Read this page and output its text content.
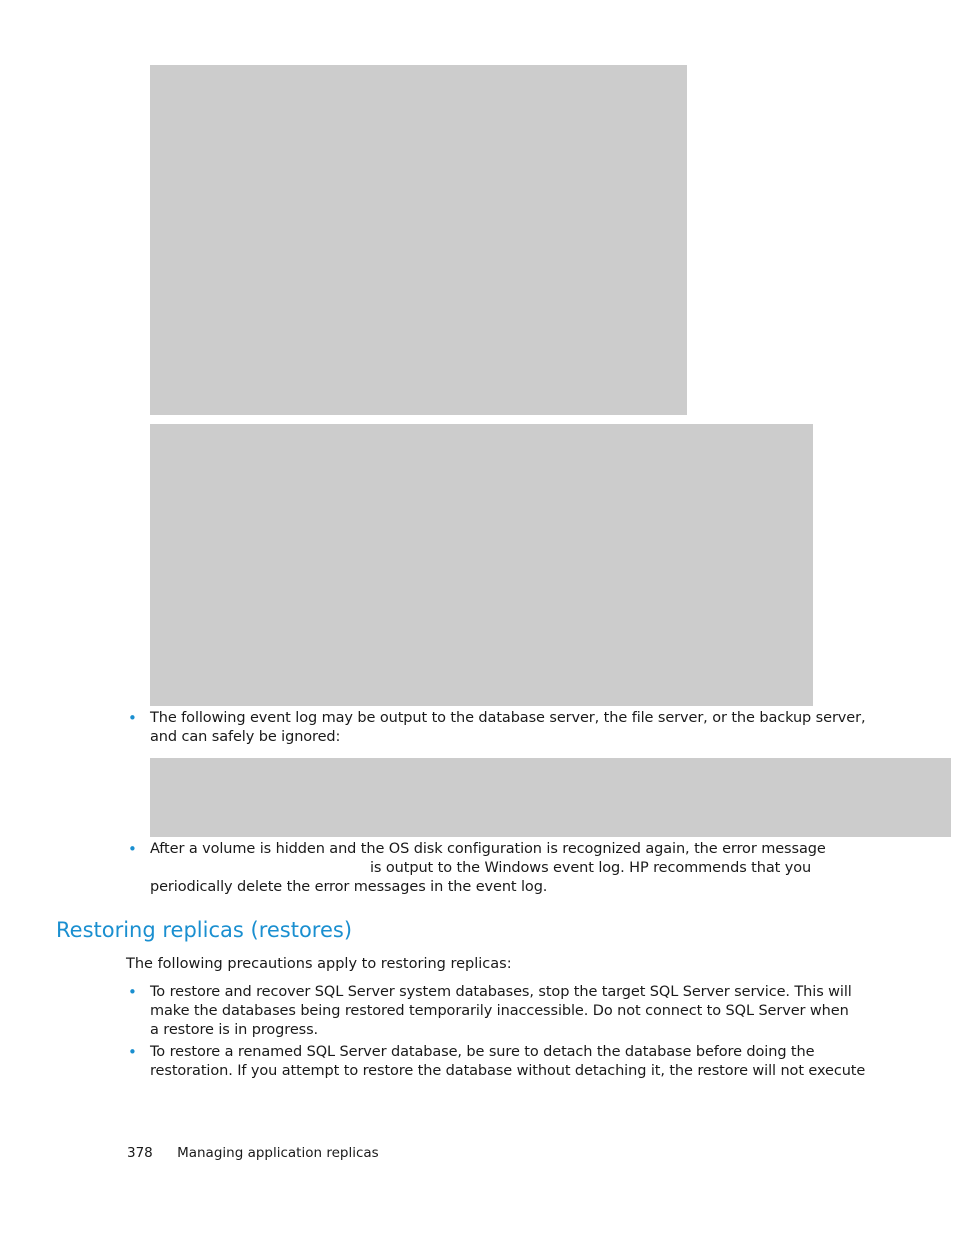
• The following event log may be output to the database server, the file server, or the backup server,
and can safely be ignored:
• After a volume is hidden and the OS disk configuration is recognized again, the error message
is output to the Windows event log. HP recommends that you
periodically delete the error messages in the event log.
Restoring replicas (restores)

The following precautions apply to restoring replicas:

• To restore and recover SQL Server system databases, stop the target SQL Server service. This will
make the databases being restored temporarily inaccessible. Do not connect to SQL Server when
a restore is in progress.
• To restore a renamed SQL Server database, be sure to detach the database before doing the
restoration. If you attempt to restore the database without detaching it, the restore will not execute
378 Managing application replicas
